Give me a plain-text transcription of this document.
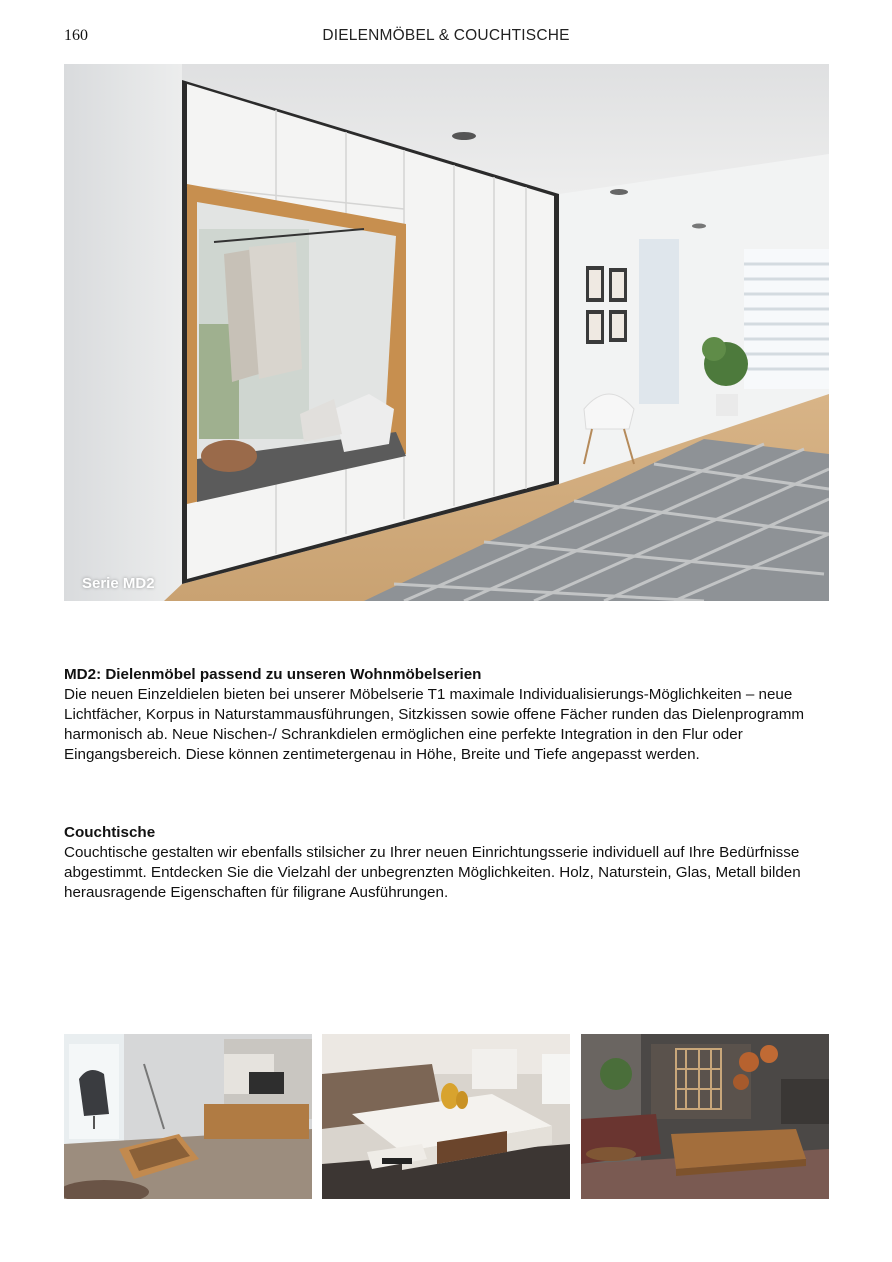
160	DIELENMÖBEL & COUCHTISCHE
Serie MD2
MD2: Dielenmöbel passend zu unseren Wohnmöbelserien

Die neuen Einzeldielen bieten bei unserer Möbelserie T1 maximale Individualisierungs-Möglichkeiten – neue Lichtfächer, Korpus in Naturstammausführungen, Sitzkissen sowie offene Fächer runden das Dielenprogramm harmonisch ab. Neue Nischen-/ Schrankdielen ermöglichen eine perfekte Integration in den Flur oder Eingangsbereich. Diese können zentimetergenau in Höhe, Breite und Tiefe angepasst werden.

Couchtische

Couchtische gestalten wir ebenfalls stilsicher zu Ihrer neuen Einrichtungsserie individuell auf Ihre Bedürfnisse abgestimmt. Entdecken Sie die Vielzahl der unbegrenzten Möglichkeiten. Holz, Naturstein, Glas, Metall bilden herausragende Eigenschaften für filigrane Ausführungen.
